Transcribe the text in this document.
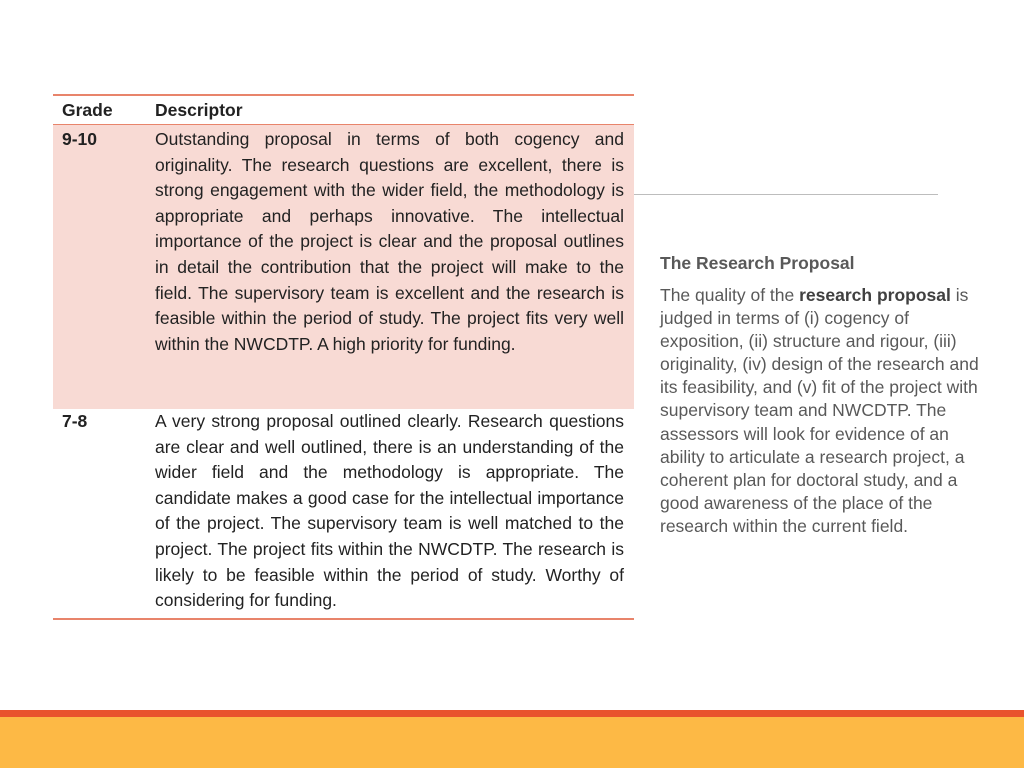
Grade	Descriptor
9-10	Outstanding proposal in terms of both cogency and originality. The research questions are excellent, there is strong engagement with the wider field, the methodology is appropriate and perhaps innovative. The intellectual importance of the project is clear and the proposal outlines in detail the contribution that the project will make to the field. The supervisory team is excellent and the research is feasible within the period of study. The project fits very well within the NWCDTP. A high priority for funding.
7-8	A very strong proposal outlined clearly. Research questions are clear and well outlined, there is an understanding of the wider field and the methodology is appropriate. The candidate makes a good case for the intellectual importance of the project. The supervisory team is well matched to the project. The project fits within the NWCDTP. The research is likely to be feasible within the period of study. Worthy of considering for funding.
The Research Proposal
The quality of the research proposal is judged in terms of (i) cogency of exposition, (ii) structure and rigour, (iii) originality, (iv) design of the research and its feasibility, and (v) fit of the project with supervisory team and NWCDTP. The assessors will look for evidence of an ability to articulate a research project, a coherent plan for doctoral study, and a good awareness of the place of the research within the current field.
